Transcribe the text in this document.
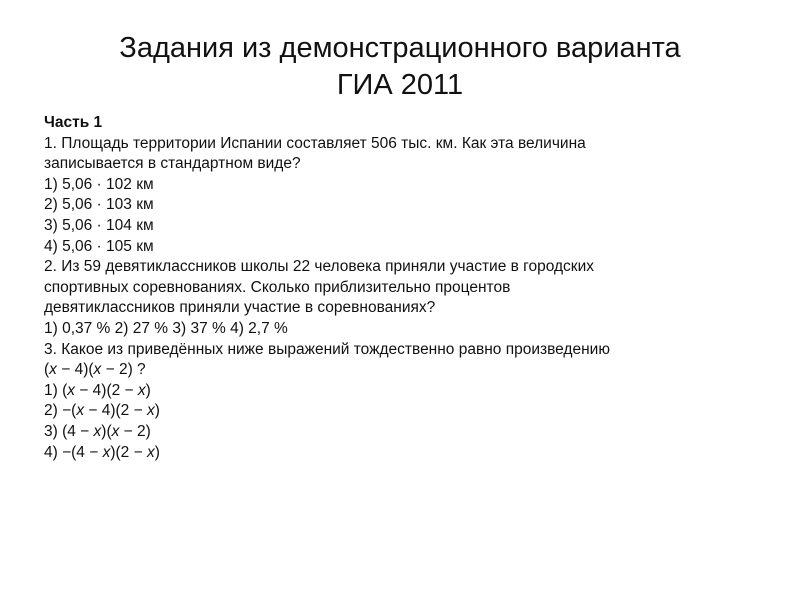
Задания из демонстрационного варианта
ГИА 2011
Часть 1
1. Площадь территории Испании составляет 506 тыс. км. Как эта величина
записывается в стандартном виде?
1) 5,06 · 102 км
2) 5,06 · 103 км
3) 5,06 · 104 км
4) 5,06 · 105 км
2. Из 59 девятиклассников школы 22 человека приняли участие в городских
спортивных соревнованиях. Сколько приблизительно процентов
девятиклассников приняли участие в соревнованиях?
1) 0,37 % 2) 27 % 3) 37 % 4) 2,7 %
3. Какое из приведённых ниже выражений тождественно равно произведению
(x − 4)(x − 2) ?
1) (x − 4)(2 − x)
2) −(x − 4)(2 − x)
3) (4 − x)(x − 2)
4) −(4 − x)(2 − x)
